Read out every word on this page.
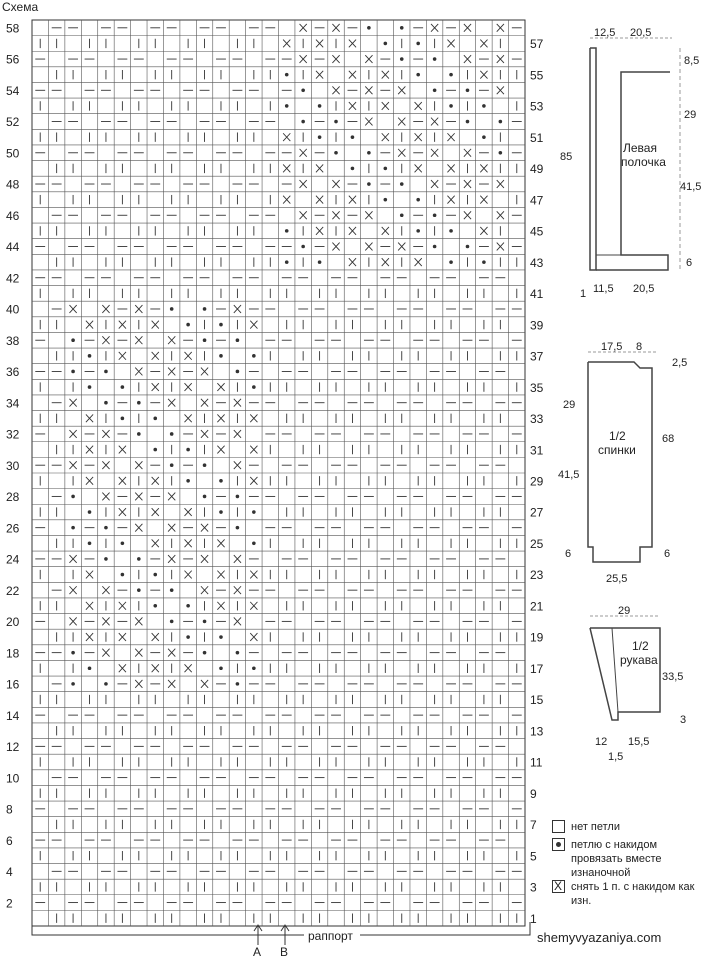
Схема
58
56
54
52
50
48
46
44
42
40
38
36
34
32
30
28
26
24
22
20
18
16
14
12
10
8
6
4
2
57
55
53
51
49
47
45
43
41
39
37
35
33
31
29
27
25
23
21
19
17
15
13
11
9
7
5
3
1
раппорт
A B
12,5 20,5
8,5
29
85
41,5
6
1 11,5 20,5
Левая
полочка
17,5 8
2,5
29
68
41,5
6	6
25,5
1/2
спинки
29
33,5
3
12 15,5
1,5
1/2
рукава
нет петли
петлю с накидом провязать вместе изнаночной
X снять 1 п. с накидом как изн.
shemyvyazaniya.com
